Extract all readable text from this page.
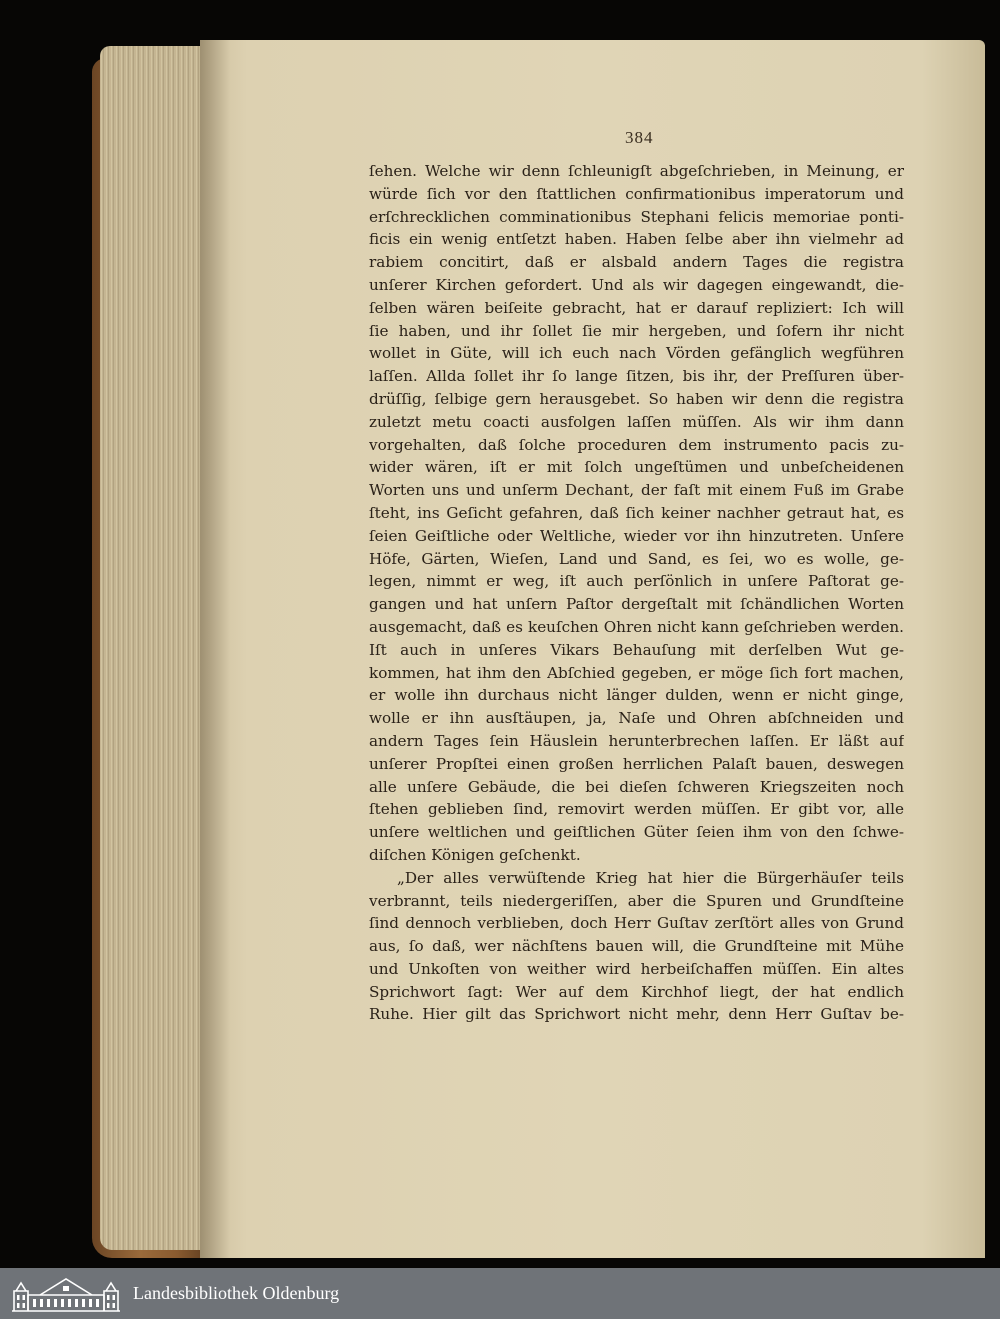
384
ſehen. Welche wir denn ſchleunigſt abgeſchrieben, in Meinung, er
würde ſich vor den ſtattlichen confirmationibus imperatorum und
erſchrecklichen comminationibus Stephani felicis memoriae ponti-
ficis ein wenig entſetzt haben. Haben ſelbe aber ihn vielmehr ad
rabiem concitirt, daß er alsbald andern Tages die registra
unſerer Kirchen gefordert. Und als wir dagegen eingewandt, die-
ſelben wären beiſeite gebracht, hat er darauf repliziert: Ich will
ſie haben, und ihr ſollet ſie mir hergeben, und ſofern ihr nicht
wollet in Güte, will ich euch nach Vörden gefänglich wegführen
laſſen. Allda ſollet ihr ſo lange ſitzen, bis ihr, der Preſſuren über-
drüſſig, ſelbige gern herausgebet. So haben wir denn die registra
zuletzt metu coacti ausfolgen laſſen müſſen. Als wir ihm dann
vorgehalten, daß ſolche proceduren dem instrumento pacis zu-
wider wären, iſt er mit ſolch ungeſtümen und unbeſcheidenen
Worten uns und unſerm Dechant, der faſt mit einem Fuß im Grabe
ſteht, ins Geſicht gefahren, daß ſich keiner nachher getraut hat, es
ſeien Geiſtliche oder Weltliche, wieder vor ihn hinzutreten. Unſere
Höfe, Gärten, Wieſen, Land und Sand, es ſei, wo es wolle, ge-
legen, nimmt er weg, iſt auch perſönlich in unſere Paſtorat ge-
gangen und hat unſern Paſtor dergeſtalt mit ſchändlichen Worten
ausgemacht, daß es keuſchen Ohren nicht kann geſchrieben werden.
Iſt auch in unſeres Vikars Behauſung mit derſelben Wut ge-
kommen, hat ihm den Abſchied gegeben, er möge ſich fort machen,
er wolle ihn durchaus nicht länger dulden, wenn er nicht ginge,
wolle er ihn ausſtäupen, ja, Naſe und Ohren abſchneiden und
andern Tages ſein Häuslein herunterbrechen laſſen. Er läßt auf
unſerer Propſtei einen großen herrlichen Palaſt bauen, deswegen
alle unſere Gebäude, die bei dieſen ſchweren Kriegszeiten noch
ſtehen geblieben ſind, removirt werden müſſen. Er gibt vor, alle
unſere weltlichen und geiſtlichen Güter ſeien ihm von den ſchwe-
diſchen Königen geſchenkt.
„Der alles verwüſtende Krieg hat hier die Bürgerhäuſer teils
verbrannt, teils niedergeriſſen, aber die Spuren und Grundſteine
ſind dennoch verblieben, doch Herr Guſtav zerſtört alles von Grund
aus, ſo daß, wer nächſtens bauen will, die Grundſteine mit Mühe
und Unkoſten von weither wird herbeiſchaffen müſſen. Ein altes
Sprichwort ſagt: Wer auf dem Kirchhof liegt, der hat endlich
Ruhe. Hier gilt das Sprichwort nicht mehr, denn Herr Guſtav be-
Landesbibliothek Oldenburg
